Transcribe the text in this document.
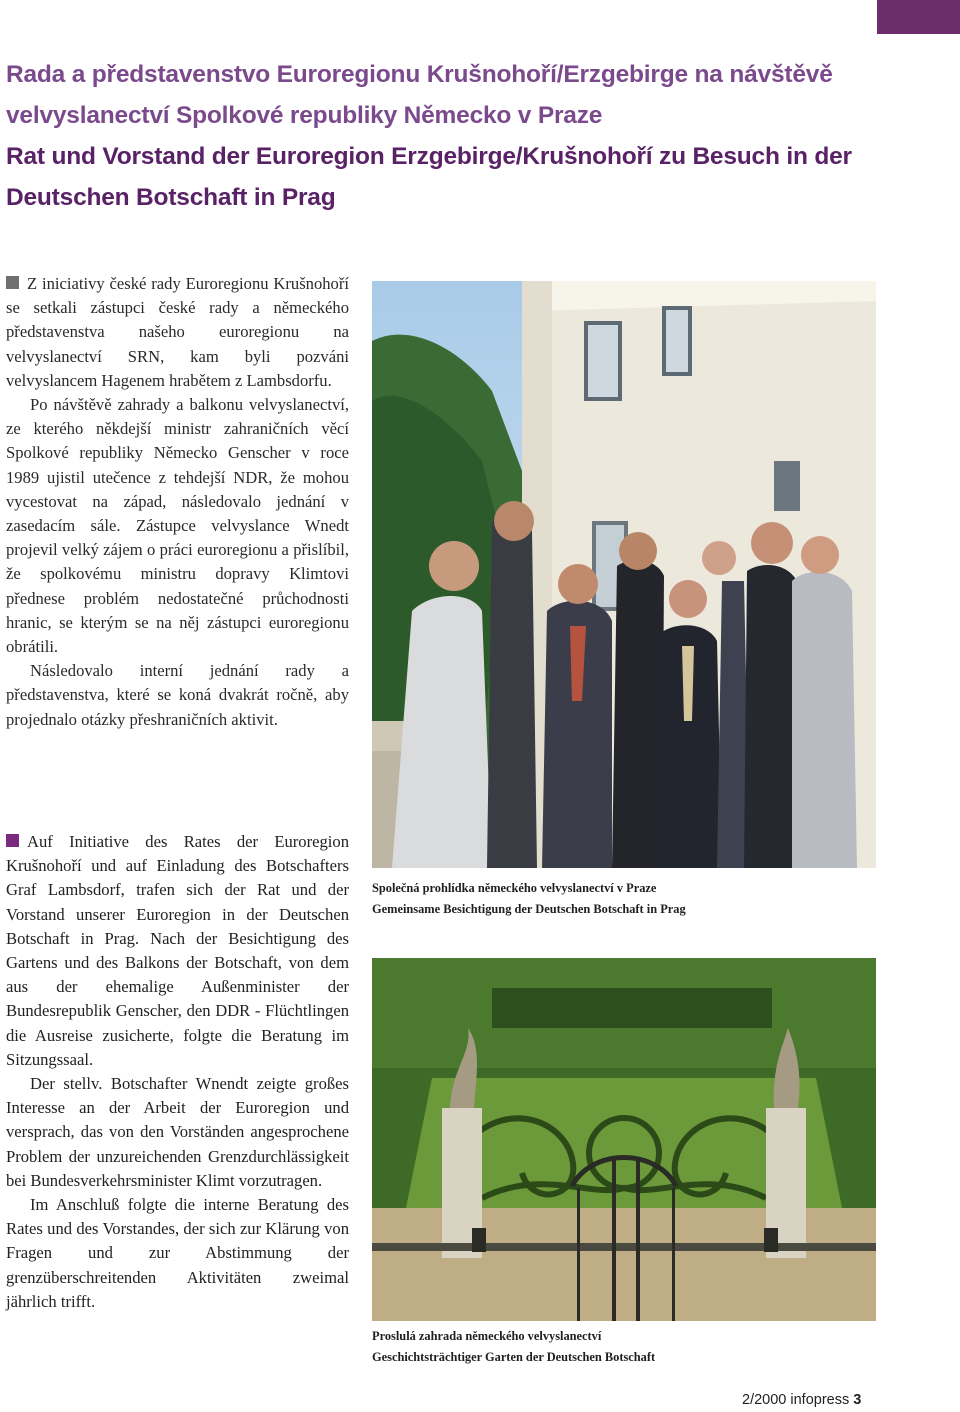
Rada a představenstvo Euroregionu Krušnohoří/Erzgebirge na návštěvě
velvyslanectví Spolkové republiky Německo v Praze
Rat und Vorstand der Euroregion Erzgebirge/Krušnohoří zu Besuch in der
Deutschen Botschaft in Prag

Z iniciativy české rady Euroregionu Krušnohoří se setkali zástupci české rady a německého představenstva našeho euroregionu na velvyslanectví SRN, kam byli pozváni velvyslancem Hagenem hrabětem z Lambsdorfu.

Po návštěvě zahrady a balkonu velvyslanectví, ze kterého někdejší ministr zahraničních věcí Spolkové republiky Německo Genscher v roce 1989 ujistil utečence z tehdejší NDR, že mohou vycestovat na západ, následovalo jednání v zasedacím sále. Zástupce velvyslance Wnedt projevil velký zájem o práci euroregionu a přislíbil, že spolkovému ministru dopravy Klimtovi přednese problém nedostatečné průchodnosti hranic, se kterým se na něj zástupci euroregionu obrátili.

Následovalo interní jednání rady a představenstva, které se koná dvakrát ročně, aby projednalo otázky přeshraničních aktivit.

Auf Initiative des Rates der Euroregion Krušnohoří und auf Einladung des Botschafters Graf Lambsdorf, trafen sich der Rat und der Vorstand unserer Euroregion in der Deutschen Botschaft in Prag. Nach der Besichtigung des Gartens und des Balkons der Botschaft, von dem aus der ehemalige Außenminister der Bundesrepublik Genscher, den DDR - Flüchtlingen die Ausreise zusicherte, folgte die Beratung im Sitzungssaal.

Der stellv. Botschafter Wnendt zeigte großes Interesse an der Arbeit der Euroregion und versprach, das von den Vorständen angesprochene Problem der unzureichenden Grenzdurchlässigkeit bei Bundesverkehrsminister Klimt vorzutragen.

Im Anschluß folgte die interne Beratung des Rates und des Vorstandes, der sich zur Klärung von Fragen und zur Abstimmung der grenzüberschreitenden Aktivitäten zweimal jährlich trifft.

Společná prohlídka německého velvyslanectví v Praze
Gemeinsame Besichtigung der Deutschen Botschaft in Prag
Proslulá zahrada německého velvyslanectví
Geschichtsträchtiger Garten der Deutschen Botschaft
2/2000 infopress 3
